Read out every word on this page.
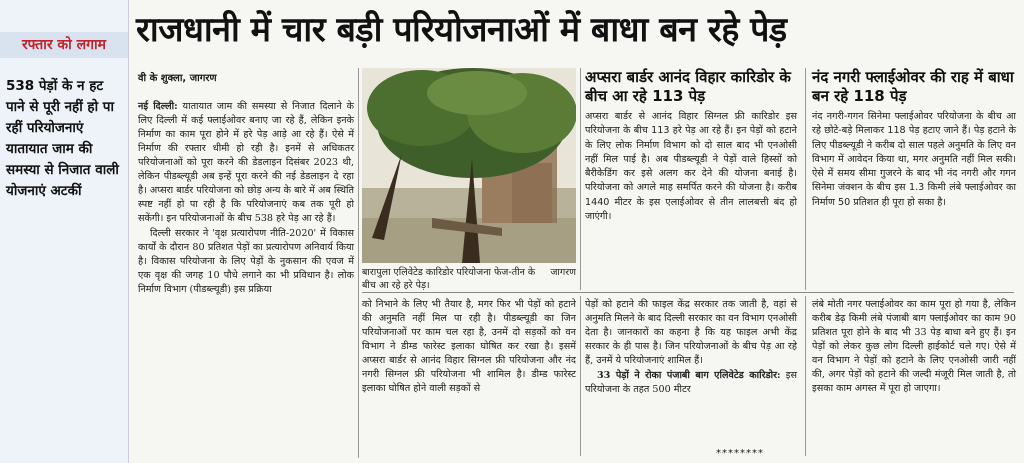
रफ्तार को लगाम
538 पेड़ों के न हट पाने से पूरी नहीं हो पा रहीं परियोजनाएं यातायात जाम की समस्या से निजात वाली योजनाएं अटकीं
राजधानी में चार बड़ी परियोजनाओं में बाधा बन रहे पेड़
वी के शुक्ला, जागरण

नई दिल्ली: यातायात जाम की समस्या से निजात दिलाने के लिए दिल्ली में कई फ्लाईओवर बनाए जा रहे हैं, लेकिन इनके निर्माण का काम पूरा होने में हरे पेड़ आड़े आ रहे हैं। ऐसे में निर्माण की रफ्तार धीमी हो रही है। इनमें से अधिकतर परियोजनाओं को पूरा करने की डेडलाइन दिसंबर 2023 थी, लेकिन पीडब्ल्यूडी अब इन्हें पूरा करने की नई डेडलाइन दे रहा है। अप्सरा बार्डर परियोजना को छोड़ अन्य के बारे में अब स्थिति स्पष्ट नहीं हो पा रही है कि परियोजनाएं कब तक पूरी हो सकेंगी। इन परियोजनाओं के बीच 538 हरे पेड़ आ रहे हैं।

दिल्ली सरकार ने 'वृक्ष प्रत्यारोपण नीति-2020' में विकास कार्यों के दौरान 80 प्रतिशत पेड़ों का प्रत्यारोपण अनिवार्य किया है। विकास परियोजना के लिए पेड़ों के नुकसान की एवज में एक वृक्ष की जगह 10 पौधे लगाने का भी प्रविधान है। लोक निर्माण विभाग (पीडब्ल्यूडी) इस प्रक्रिया

जागरण
बारापुला एलिवेटेड कारिडोर परियोजना फेज-तीन के बीच आ रहे हरे पेड़।
अप्सरा बार्डर आनंद विहार कारिडोर के बीच आ रहे 113 पेड़
अप्सरा बार्डर से आनंद विहार सिग्नल फ्री कारिडोर इस परियोजना के बीच 113 हरे पेड़ आ रहे हैं। इन पेड़ों को हटाने के लिए लोक निर्माण विभाग को दो साल बाद भी एनओसी नहीं मिल पाई है। अब पीडब्ल्यूडी ने पेड़ों वाले हिस्सों को बैरीकेडिंग कर इसे अलग कर देने की योजना बनाई है। परियोजना को अगले माह समर्पित करने की योजना है। करीब 1440 मीटर के इस एलाईओवर से तीन लालबत्ती बंद हो जाएंगी।
नंद नगरी फ्लाईओवर की राह में बाधा बन रहे 118 पेड़
नंद नगरी-गगन सिनेमा फ्लाईओवर परियोजना के बीच आ रहे छोटे-बड़े मिलाकर 118 पेड़ हटाए जाने हैं। पेड़ हटाने के लिए पीडब्ल्यूडी ने करीब दो साल पहले अनुमति के लिए वन विभाग में आवेदन किया था, मगर अनुमति नहीं मिल सकी। ऐसे में समय सीमा गुजरने के बाद भी नंद नगरी और गगन सिनेमा जंक्शन के बीच इस 1.3 किमी लंबे फ्लाईओवर का निर्माण 50 प्रतिशत ही पूरा हो सका है।
को निभाने के लिए भी तैयार है, मगर फिर भी पेड़ों को हटाने की अनुमति नहीं मिल पा रही है। पीडब्ल्यूडी का जिन परियोजनाओं पर काम चल रहा है, उनमें दो सड़कों को वन विभाग ने डीम्ड फारेस्ट इलाका घोषित कर रखा है। इसमें अप्सरा बार्डर से आनंद विहार सिग्नल फ्री परियोजना और नंद नगरी सिग्नल फ्री परियोजना भी शामिल है। डीम्ड फारेस्ट इलाका घोषित होने वाली सड़कों से

पेड़ों को हटाने की फाइल केंद्र सरकार तक जाती है, वहां से अनुमति मिलने के बाद दिल्ली सरकार का वन विभाग एनओसी देता है। जानकारों का कहना है कि यह फाइल अभी केंद्र सरकार के ही पास है। जिन परियोजनाओं के बीच पेड़ आ रहे हैं, उनमें ये परियोजनाएं शामिल हैं।

33 पेड़ों ने रोका पंजाबी बाग एलिवेटेड कारिडोर: इस परियोजना के तहत 500 मीटर

लंबे मोती नगर फ्लाईओवर का काम पूरा हो गया है, लेकिन करीब डेढ़ किमी लंबे पंजाबी बाग फ्लाईओवर का काम 90 प्रतिशत पूरा होने के बाद भी 33 पेड़ बाधा बने हुए हैं। इन पेड़ों को लेकर कुछ लोग दिल्ली हाईकोर्ट चले गए। ऐसे में वन विभाग ने पेड़ों को हटाने के लिए एनओसी जारी नहीं की, अगर पेड़ों को हटाने की जल्दी मंजूरी मिल जाती है, तो इसका काम अगस्त में पूरा हो जाएगा।
********
